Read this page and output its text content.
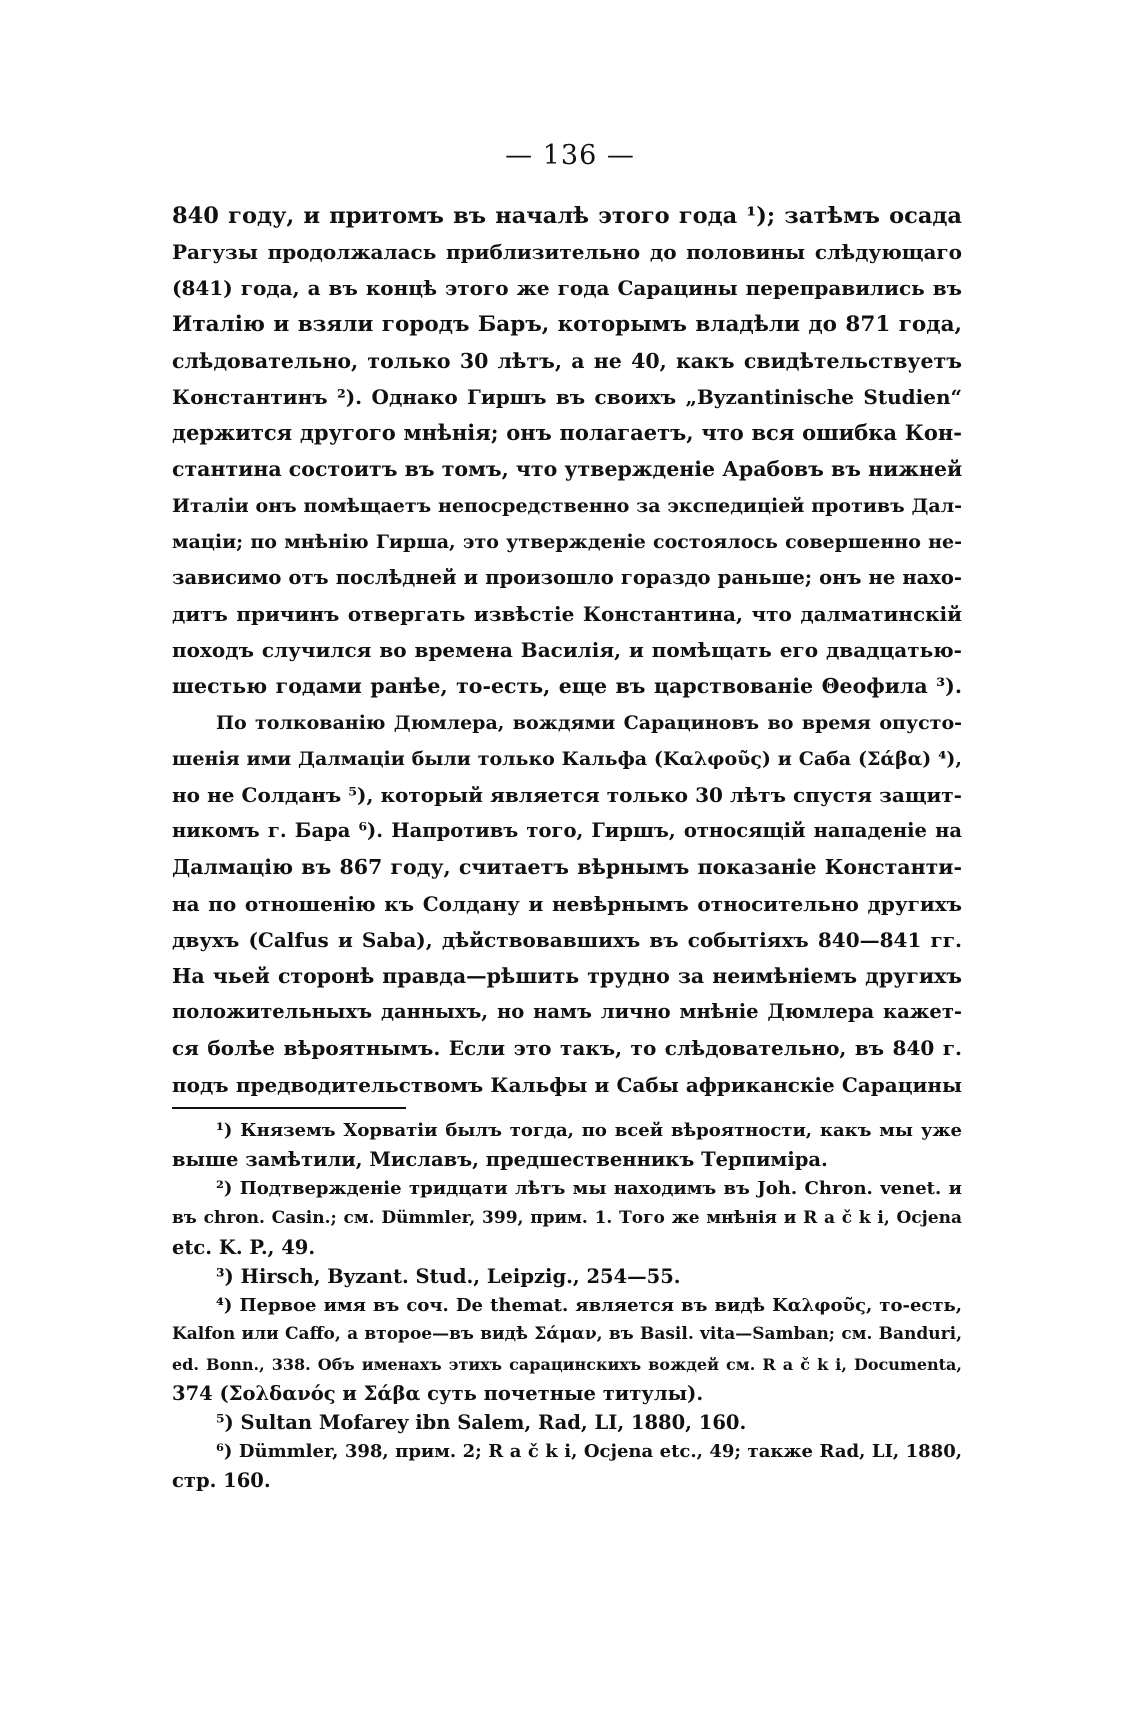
— 136 —
840 году, и притомъ въ началѣ этого года ¹); затѣмъ осада
Рагузы продолжалась приблизительно до половины слѣдующаго
(841) года, а въ концѣ этого же года Сарацины переправились въ
Италію и взяли городъ Баръ, которымъ владѣли до 871 года,
слѣдовательно, только 30 лѣтъ, а не 40, какъ свидѣтельствуетъ
Константинъ ²). Однако Гиршъ въ своихъ „Byzantinische Studien“
держится другого мнѣнія; онъ полагаетъ, что вся ошибка Кон-
стантина состоитъ въ томъ, что утвержденіе Арабовъ въ нижней
Италіи онъ помѣщаетъ непосредственно за экспедиціей противъ Дал-
маціи; по мнѣнію Гирша, это утвержденіе состоялось совершенно не-
зависимо отъ послѣдней и произошло гораздо раньше; онъ не нахо-
дитъ причинъ отвергать извѣстіе Константина, что далматинскій
походъ случился во времена Василія, и помѣщать его двадцатью-
шестью годами ранѣе, то-есть, еще въ царствованіе Θеофила ³).
По толкованію Дюмлера, вождями Сарациновъ во время опусто-
шенія ими Далмаціи были только Кальфа (Καλφοῦς) и Саба (Σάβα) ⁴),
но не Солданъ ⁵), который является только 30 лѣтъ спустя защит-
никомъ г. Бара ⁶). Напротивъ того, Гиршъ, относящій нападеніе на
Далмацію въ 867 году, считаетъ вѣрнымъ показаніе Константи-
на по отношенію къ Солдану и невѣрнымъ относительно другихъ
двухъ (Calfus и Saba), дѣйствовавшихъ въ событіяхъ 840—841 гг.
На чьей сторонѣ правда—рѣшить трудно за неимѣніемъ другихъ
положительныхъ данныхъ, но намъ лично мнѣніе Дюмлера кажет-
ся болѣе вѣроятнымъ. Если это такъ, то слѣдовательно, въ 840 г.
подъ предводительствомъ Кальфы и Сабы африканскіе Сарацины
¹) Княземъ Хорватіи былъ тогда, по всей вѣроятности, какъ мы уже
выше замѣтили, Миславъ, предшественникъ Терпиміра.
²) Подтвержденіе тридцати лѣтъ мы находимъ въ Joh. Chron. venet. и
въ chron. Casin.; см. Dümmler, 399, прим. 1. Того же мнѣнія и R a č k i, Ocjena
etc. K. P., 49.
³) Hirsch, Byzant. Stud., Leipzig., 254—55.
⁴) Первое имя въ соч. De themat. является въ видѣ Καλφοῦς, то-есть,
Kalfon или Caffo, а второе—въ видѣ Σάμαν, въ Basil. vita—Samban; см. Banduri,
ed. Bonn., 338. Объ именахъ этихъ сарацинскихъ вождей см. R a č k i, Documenta,
374 (Σολδανός и Σάβα суть почетные титулы).
⁵) Sultan Mofarey ibn Salem, Rad, LI, 1880, 160.
⁶) Dümmler, 398, прим. 2; R a č k i, Ocjena etc., 49; также Rad, LI, 1880,
стр. 160.
